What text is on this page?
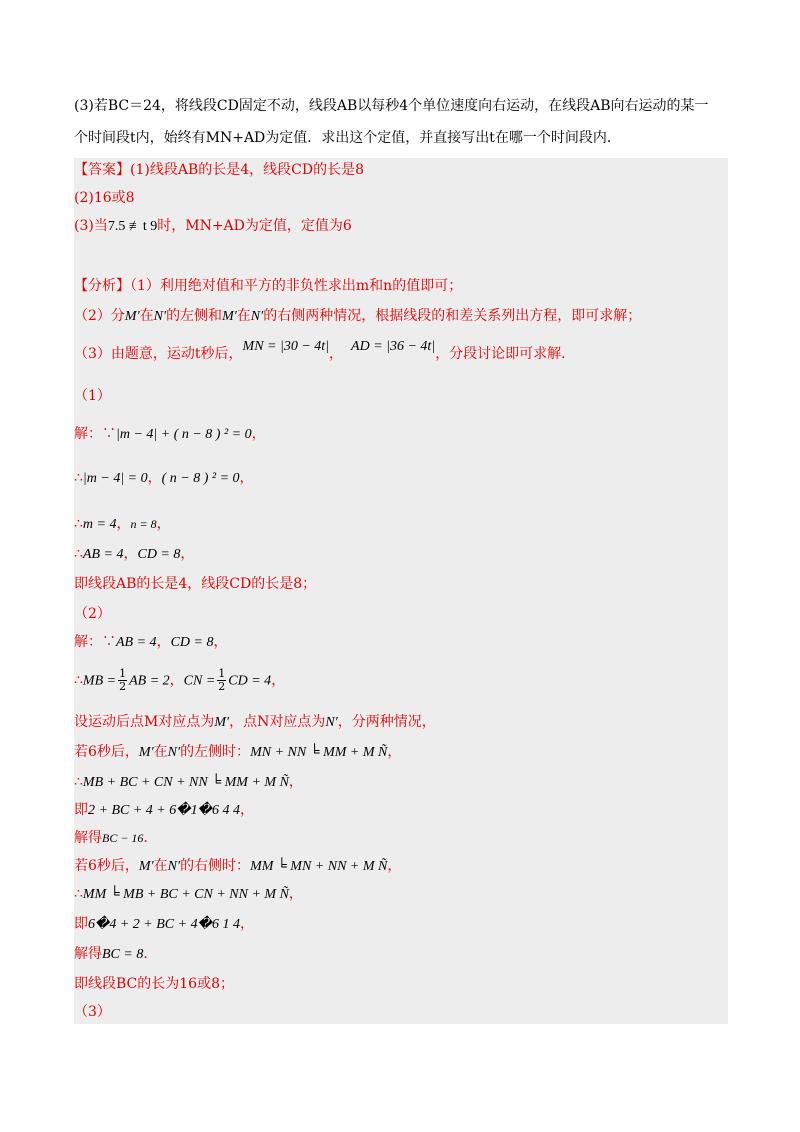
(3)若BC＝24，将线段CD固定不动，线段AB以每秒4个单位速度向右运动，在线段AB向右运动的某一
个时间段t内，始终有MN+AD为定值．求出这个定值，并直接写出t在哪一个时间段内．
【答案】(1)线段AB的长是4，线段CD的长是8
(2)16或8
(3)当7.5 ≢t 9时，MN+AD为定值，定值为6
【分析】（1）利用绝对值和平方的非负性求出m和n的值即可；
（2）分M′在N′的左侧和M′在N′的右侧两种情况，根据线段的和差关系列出方程，即可求解；
（3）由题意，运动t秒后，MN = |30 − 4t|， AD = |36 − 4t|，分段讨论即可求解．
（1）
解：∵|m − 4| + ( n − 8 ) ² = 0，
∴|m − 4| = 0，( n − 8 ) ² = 0，
∴m = 4，n = 8，
∴AB = 4，CD = 8，
即线段AB的长是4，线段CD的长是8；
（2）
解：∵AB = 4，CD = 8，
∴MB = $\frac{1}{2}$ AB = 2，CN = $\frac{1}{2}$ CD = 4，
设运动后点M对应点为M′，点N对应点为N′，分两种情况，
若6秒后，M′在N′的左侧时：MN + NN ╘ MM + M Ñ，
∴MB + BC + CN + NN ╘ MM + M Ñ，
即2 + BC + 4 + 6�1�6 4 4，
解得BC − 16．
若6秒后，M′在N′的右侧时：MM ╘ MN + NN + M Ñ，
∴MM ╘ MB + BC + CN + NN + M Ñ，
即6�4 + 2 + BC + 4�6 1 4，
解得BC = 8．
即线段BC的长为16或8；
（3）
